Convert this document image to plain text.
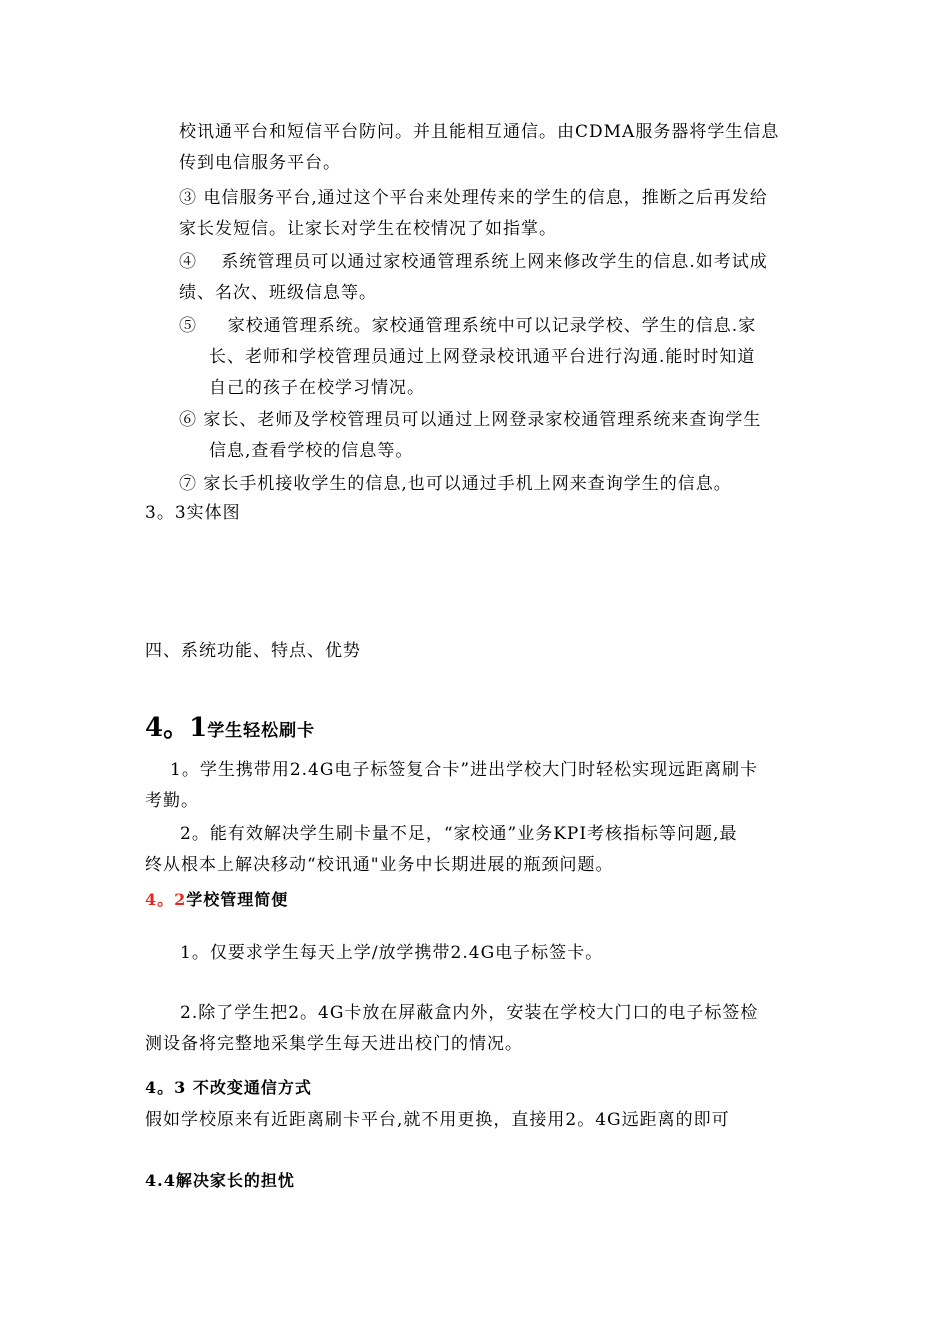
校讯通平台和短信平台防问。并且能相互通信。由CDMA服务器将学生信息
传到电信服务平台。
③ 电信服务平台,通过这个平台来处理传来的学生的信息，推断之后再发给
家长发短信。让家长对学生在校情况了如指掌。
④ 　系统管理员可以通过家校通管理系统上网来修改学生的信息.如考试成
绩、名次、班级信息等。
⑤ 　 家校通管理系统。家校通管理系统中可以记录学校、学生的信息.家
长、老师和学校管理员通过上网登录校讯通平台进行沟通.能时时知道
自己的孩子在校学习情况。
⑥ 家长、老师及学校管理员可以通过上网登录家校通管理系统来查询学生
信息,查看学校的信息等。
⑦ 家长手机接收学生的信息,也可以通过手机上网来查询学生的信息。
3。3实体图
四、系统功能、特点、优势
4。1学生轻松刷卡
1。学生携带用2.4G电子标签复合卡”进出学校大门时轻松实现远距离刷卡
考勤。
2。能有效解决学生刷卡量不足，“家校通”业务KPI考核指标等问题,最
终从根本上解决移动“校讯通"业务中长期进展的瓶颈问题。
4。2学校管理简便
1。仅要求学生每天上学/放学携带2.4G电子标签卡。
2.除了学生把2。4G卡放在屏蔽盒内外，安装在学校大门口的电子标签检
测设备将完整地采集学生每天进出校门的情况。
4。3 不改变通信方式
假如学校原来有近距离刷卡平台,就不用更换，直接用2。4G远距离的即可
4.4解决家长的担忧
